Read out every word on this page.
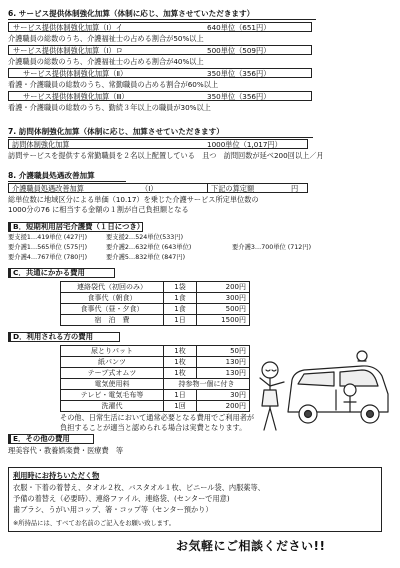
6. サービス提供体制強化加算（体制に応じ、加算させていただきます）
サービス提供体制強化加算（Ⅰ）イ	640単位（651円）
介護職員の総数のうち、介護福祉士の占める割合が50%以上
サービス提供体制強化加算（Ⅰ）ロ	500単位（509円）
介護職員の総数のうち、介護福祉士の占める割合が40%以上
サービス提供体制強化加算（Ⅱ）	350単位（356円）
看護・介護職員の総数のうち、常勤職員の占める割合が60%以上
サービス提供体制強化加算（Ⅲ）	350単位（356円）
看護・介護職員の総数のうち、勤続３年以上の職員が30%以上
7. 訪問体制強化加算（体制に応じ、加算させていただきます）
訪問体制強化加算	1000単位（1,017円）
訪問サービスを提供する常勤職員を２名以上配置している　且つ　訪問回数が延べ200回以上／月
8. 介護職員処遇改善加算
介護職員処遇改善加算	（Ⅰ）	下記の算定額	円
総単位数に地域区分による単価（10.17）を乗じた介護サービス所定単位数の
1000分の76 に相当する金額の１割が自己負担額となる
B．短期利用居宅介護費（１日につき）
要支援1…419単位 (427円)	要支援2…524単位(533円)
要介護1…565単位 (575円)	要介護2…632単位 (643単位)	要介護3…700単位 (712円)
要介護4…767単位 (780円)	要介護5…832単位 (847円)
C．共通にかかる費用
連絡袋代（初回のみ）	1袋	200円
食事代（朝食）	1食	300円
食事代（昼・夕食）	1食	500円
宿　泊　費	1日	1500円
D．利用される方の費用
尿とりパット	1枚	50円
紙パンツ	1枚	130円
テープ式オムツ	1枚	130円
電気使用料	持参物一個に付き	
テレビ・電気毛布等	1日	30円
洗濯代	1回	200円
その他、日常生活において通常必要となる費用でご利用者が
負担することが適当と認められる場合は実費となります。
E．その他の費用
理美容代・教養娯楽費・医療費　等
利用時にお持ちいただく物
衣服・下着の着替え、タオル２枚、バスタオル１枚、ビニール袋、内服薬等、
予備の着替え（必要時）、連絡ファイル、連絡袋、(センターで用意)
歯ブラシ、うがい用コップ、箸・コップ等（センター預かり）
※所持品には、すべてお名前のご記入をお願い致します。
お気軽にご相談ください!!
